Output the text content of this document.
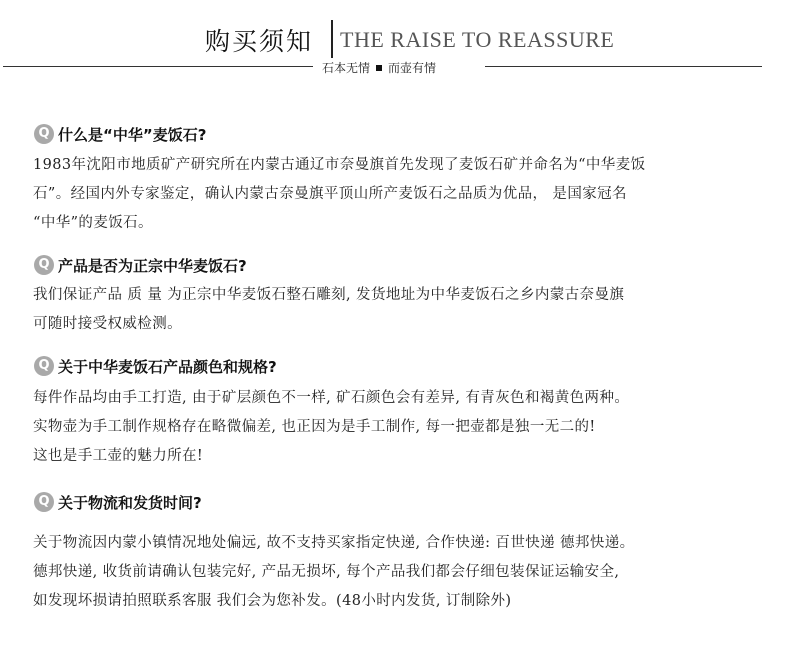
购买须知 THE RAISE TO REASSURE
石本无情 而壶有情
Q 什么是“中华”麦饭石?
1983年沈阳市地质矿产研究所在内蒙古通辽市奈曼旗首先发现了麦饭石矿并命名为“中华麦饭
石”。经国内外专家鉴定，确认内蒙古奈曼旗平顶山所产麦饭石之品质为优品， 是国家冠名
“中华”的麦饭石。
Q 产品是否为正宗中华麦饭石?
我们保证产品 质 量 为正宗中华麦饭石整石雕刻, 发货地址为中华麦饭石之乡内蒙古奈曼旗
可随时接受权威检测。
Q 关于中华麦饭石产品颜色和规格?
每件作品均由手工打造, 由于矿层颜色不一样, 矿石颜色会有差异, 有青灰色和褐黄色两种。
实物壶为手工制作规格存在略微偏差, 也正因为是手工制作, 每一把壶都是独一无二的!
这也是手工壶的魅力所在!
Q 关于物流和发货时间?
关于物流因内蒙小镇情况地处偏远, 故不支持买家指定快递, 合作快递: 百世快递 德邦快递。
德邦快递, 收货前请确认包装完好, 产品无损坏, 每个产品我们都会仔细包装保证运输安全,
如发现坏损请拍照联系客服 我们会为您补发。(48小时内发货, 订制除外)
